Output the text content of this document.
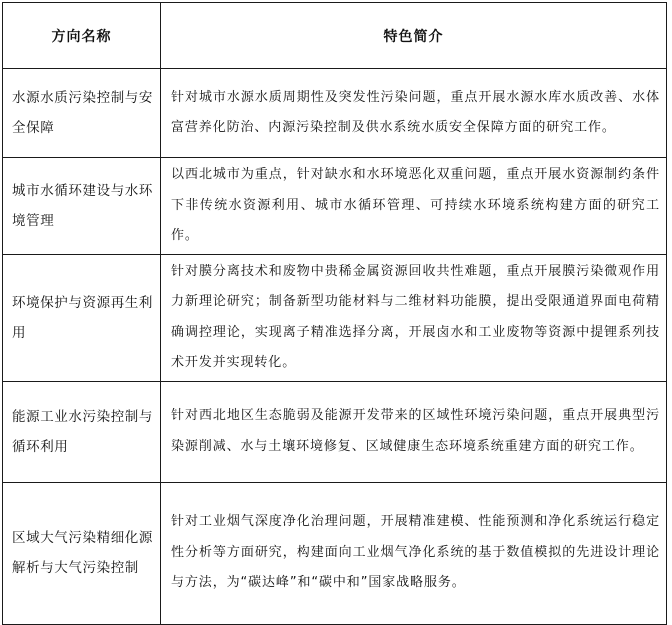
方向名称	特色简介
水源水质污染控制与安全保障	针对城市水源水质周期性及突发性污染问题，重点开展水源水库水质改善、水体富营养化防治、内源污染控制及供水系统水质安全保障方面的研究工作。
城市水循环建设与水环境管理	以西北城市为重点，针对缺水和水环境恶化双重问题，重点开展水资源制约条件下非传统水资源利用、城市水循环管理、可持续水环境系统构建方面的研究工作。
环境保护与资源再生利用	针对膜分离技术和废物中贵稀金属资源回收共性难题，重点开展膜污染微观作用力新理论研究；制备新型功能材料与二维材料功能膜，提出受限通道界面电荷精确调控理论，实现离子精准选择分离，开展卤水和工业废物等资源中提锂系列技术开发并实现转化。
能源工业水污染控制与循环利用	针对西北地区生态脆弱及能源开发带来的区域性环境污染问题，重点开展典型污染源削减、水与土壤环境修复、区域健康生态环境系统重建方面的研究工作。
区域大气污染精细化源解析与大气污染控制	针对工业烟气深度净化治理问题，开展精准建模、性能预测和净化系统运行稳定性分析等方面研究，构建面向工业烟气净化系统的基于数值模拟的先进设计理论与方法，为“碳达峰”和“碳中和”国家战略服务。
